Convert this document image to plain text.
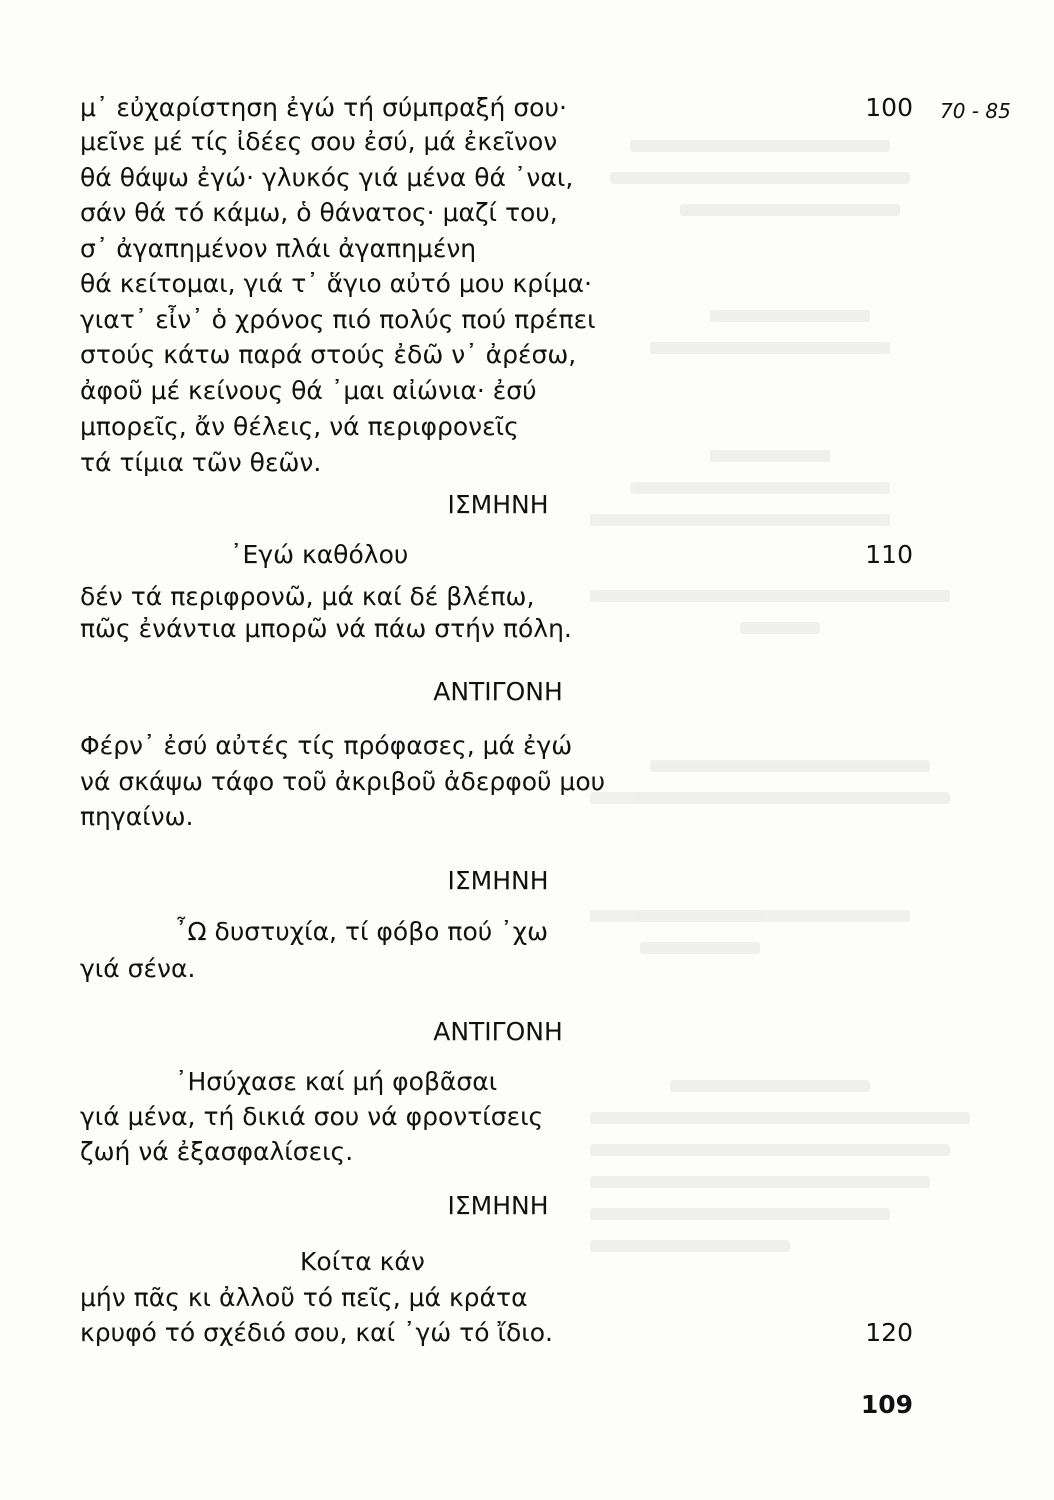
μ᾿ εὐχαρίστηση ἐγώ τή σύμπραξή σου·	100 70 - 85
μεῖνε μέ τίς ἰδέες σου ἐσύ, μά ἐκεῖνον
θά θάψω ἐγώ· γλυκός γιά μένα θά ᾿ναι,
σάν θά τό κάμω, ὁ θάνατος· μαζί του,
σ᾿ ἀγαπημένον πλάι ἀγαπημένη
θά κείτομαι, γιά τ᾿ ἅγιο αὐτό μου κρίμα·
γιατ᾿ εἶν᾿ ὁ χρόνος πιό πολύς πού πρέπει
στούς κάτω παρά στούς ἐδῶ ν᾿ ἀρέσω,
ἀφοῦ μέ κείνους θά ᾿μαι αἰώνια· ἐσύ
μπορεῖς, ἄν θέλεις, νά περιφρονεῖς
τά τίμια τῶν θεῶν.
ΙΣΜΗΝΗ
᾿Εγώ καθόλου	110
δέν τά περιφρονῶ, μά καί δέ βλέπω,
πῶς ἐνάντια μπορῶ νά πάω στήν πόλη.
ΑΝΤΙΓΟΝΗ
Φέρν᾿ ἐσύ αὐτές τίς πρόφασες, μά ἐγώ
νά σκάψω τάφο τοῦ ἀκριβοῦ ἀδερφοῦ μου
πηγαίνω.
ΙΣΜΗΝΗ
῏Ω δυστυχία, τί φόβο πού ᾿χω
γιά σένα.
ΑΝΤΙΓΟΝΗ
᾿Ησύχασε καί μή φοβᾶσαι
γιά μένα, τή δικιά σου νά φροντίσεις
ζωή νά ἐξασφαλίσεις.
ΙΣΜΗΝΗ
Κοίτα κάν
μήν πᾶς κι ἀλλοῦ τό πεῖς, μά κράτα
κρυφό τό σχέδιό σου, καί ᾿γώ τό ἴδιο.	120
109
